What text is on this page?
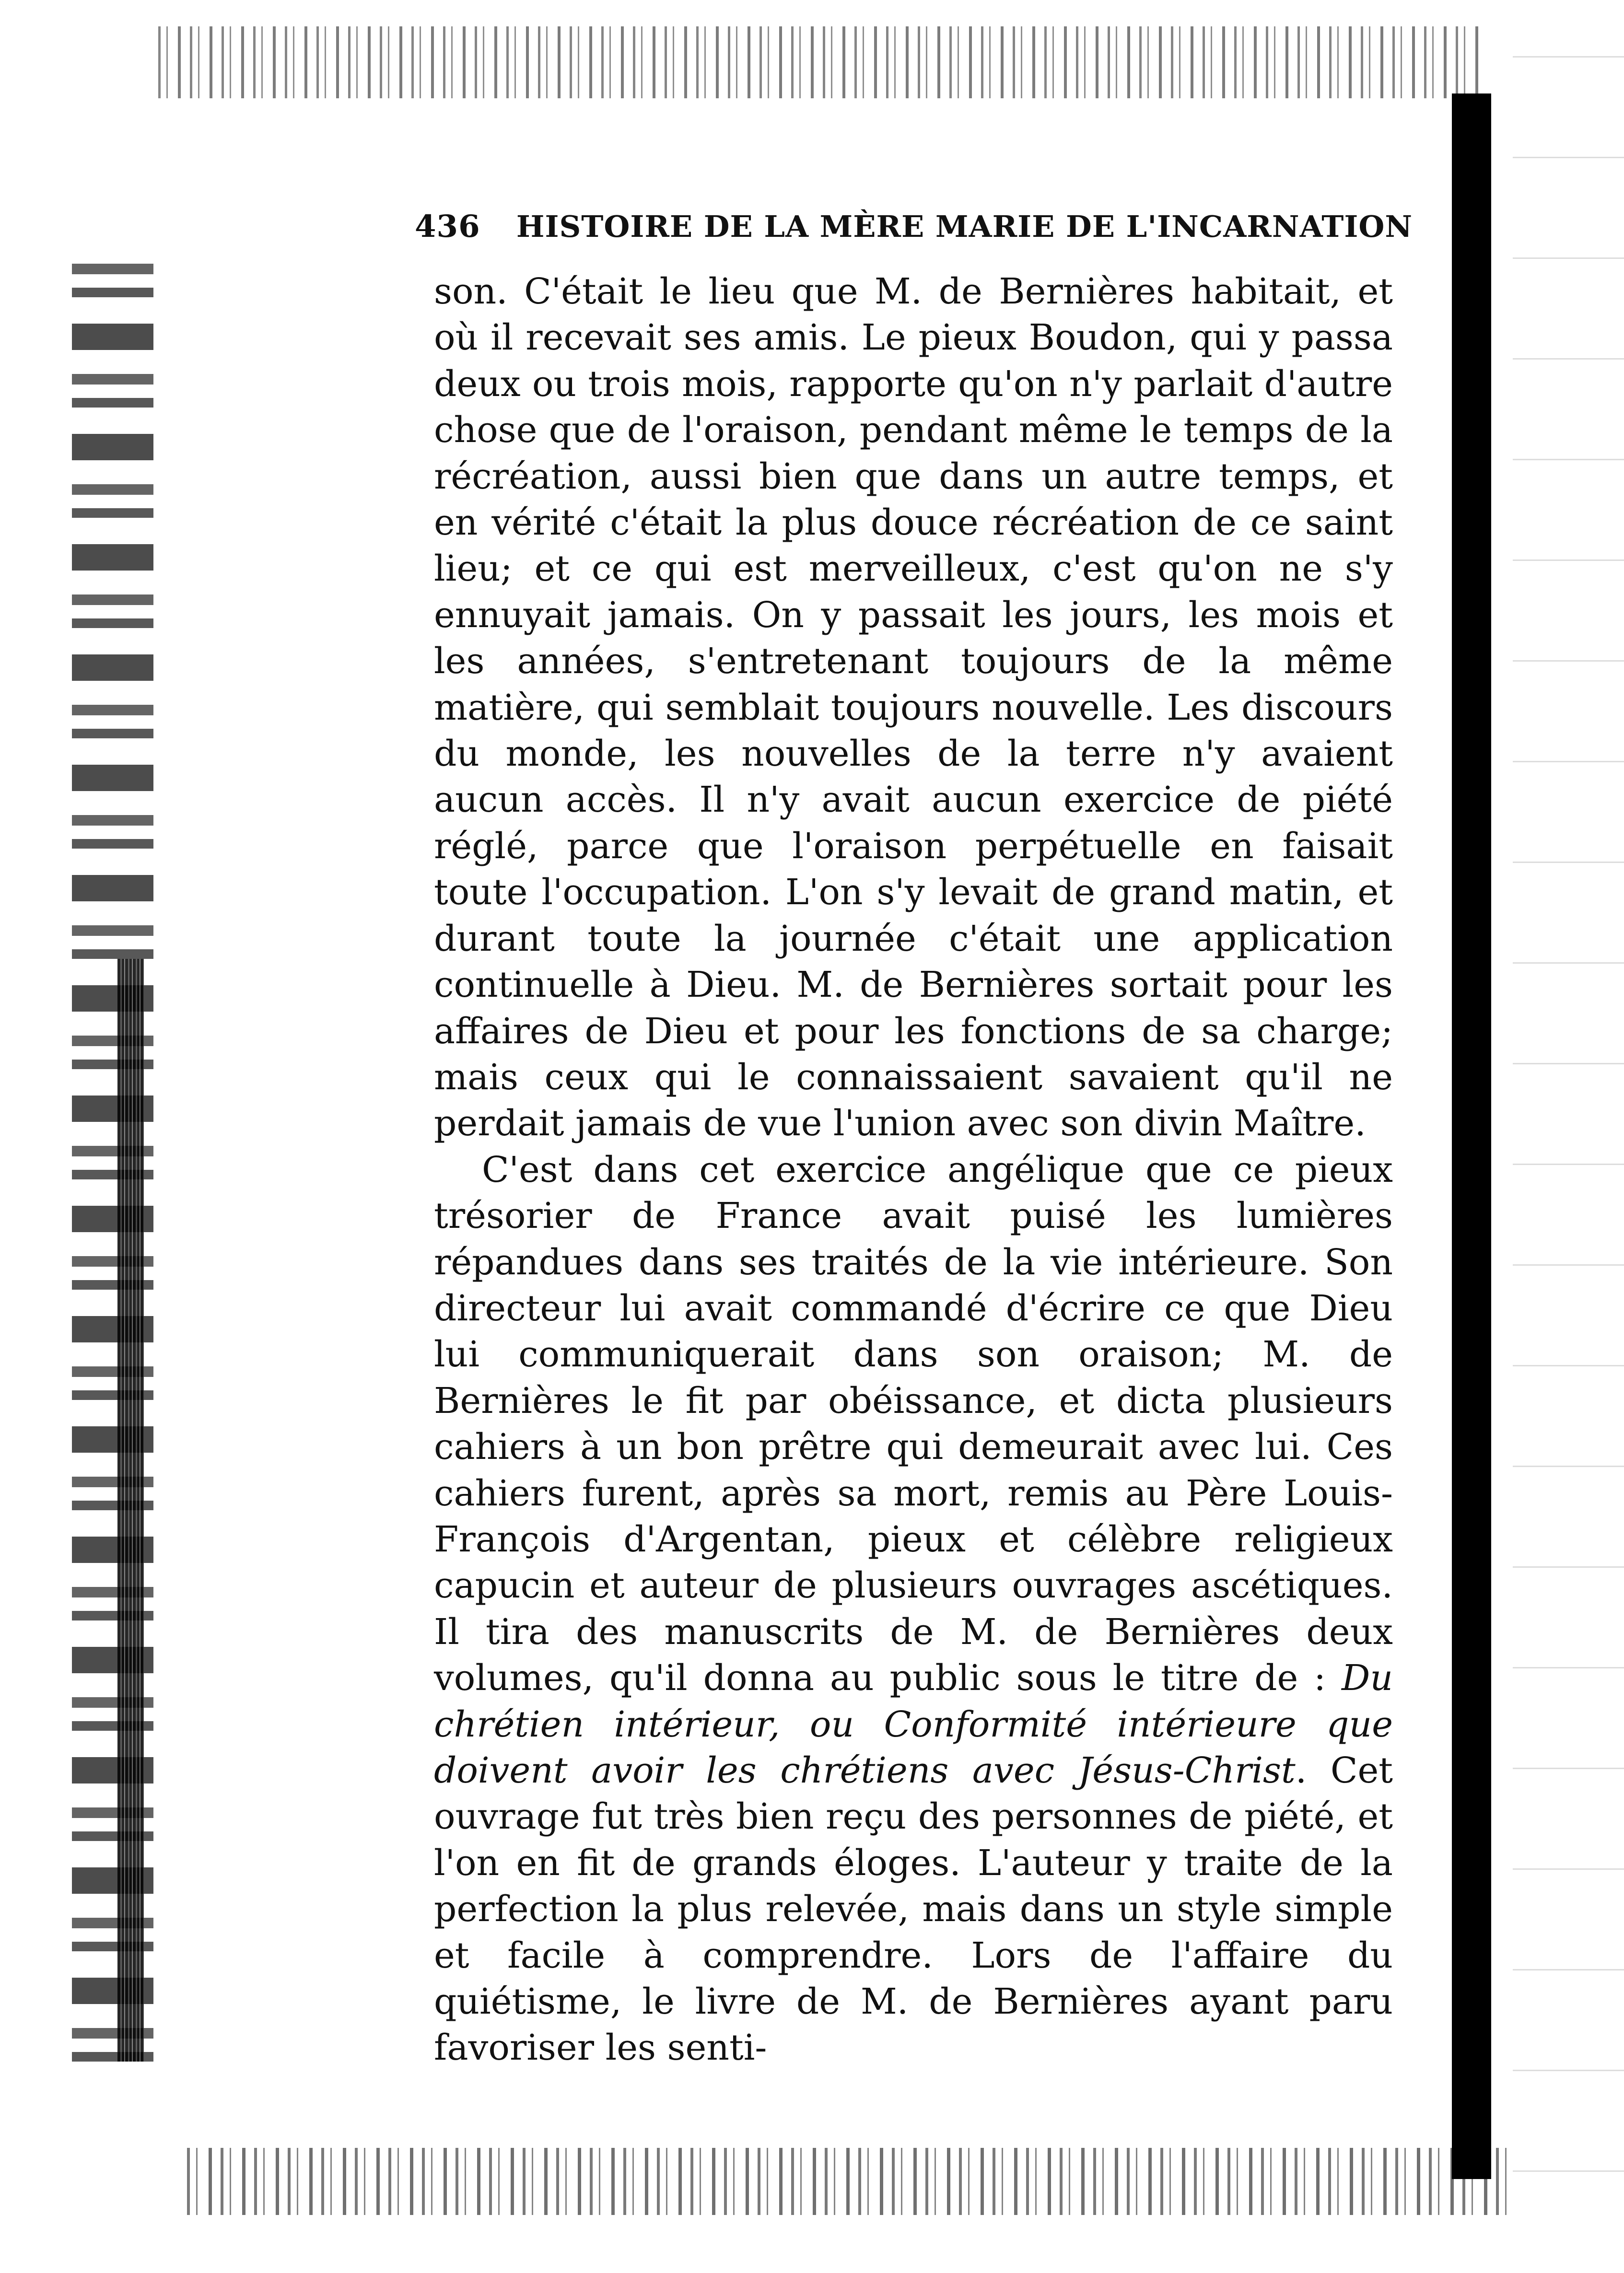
436 HISTOIRE DE LA MÈRE MARIE DE L'INCARNATION

son. C'était le lieu que M. de Bernières habitait, et où il recevait ses amis. Le pieux Boudon, qui y passa deux ou trois mois, rapporte qu'on n'y parlait d'autre chose que de l'oraison, pendant même le temps de la récréation, aussi bien que dans un autre temps, et en vérité c'était la plus douce récréation de ce saint lieu; et ce qui est merveilleux, c'est qu'on ne s'y ennuyait jamais. On y passait les jours, les mois et les années, s'entretenant toujours de la même matière, qui semblait toujours nouvelle. Les discours du monde, les nouvelles de la terre n'y avaient aucun accès. Il n'y avait aucun exercice de piété réglé, parce que l'oraison perpétuelle en faisait toute l'occupation. L'on s'y levait de grand matin, et durant toute la journée c'était une application continuelle à Dieu. M. de Bernières sortait pour les affaires de Dieu et pour les fonctions de sa charge; mais ceux qui le connaissaient savaient qu'il ne perdait jamais de vue l'union avec son divin Maître.

C'est dans cet exercice angélique que ce pieux trésorier de France avait puisé les lumières répandues dans ses traités de la vie intérieure. Son directeur lui avait commandé d'écrire ce que Dieu lui communiquerait dans son oraison; M. de Bernières le fit par obéissance, et dicta plusieurs cahiers à un bon prêtre qui demeurait avec lui. Ces cahiers furent, après sa mort, remis au Père Louis-François d'Argentan, pieux et célèbre religieux capucin et auteur de plusieurs ouvrages ascétiques. Il tira des manuscrits de M. de Bernières deux volumes, qu'il donna au public sous le titre de : Du chrétien intérieur, ou Conformité intérieure que doivent avoir les chrétiens avec Jésus-Christ. Cet ouvrage fut très bien reçu des personnes de piété, et l'on en fit de grands éloges. L'auteur y traite de la perfection la plus relevée, mais dans un style simple et facile à comprendre. Lors de l'affaire du quiétisme, le livre de M. de Bernières ayant paru favoriser les senti-
